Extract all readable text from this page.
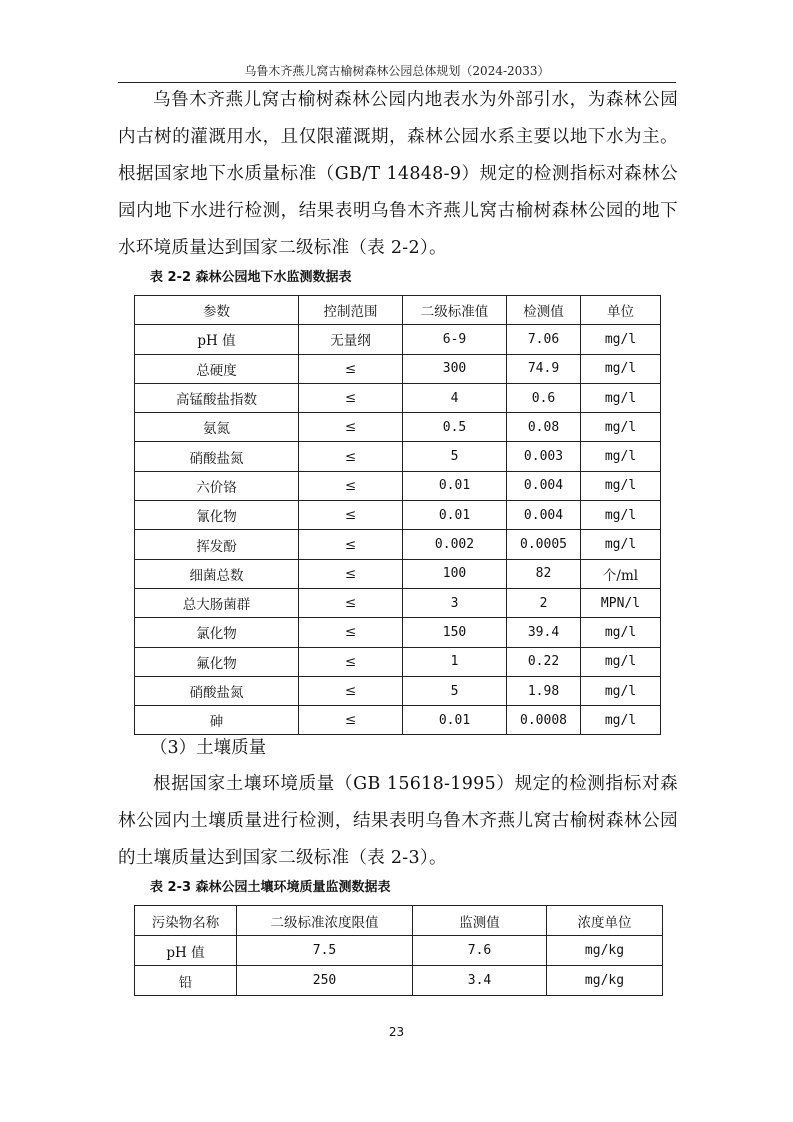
乌鲁木齐燕儿窝古榆树森林公园总体规划（2024-2033）
乌鲁木齐燕儿窝古榆树森林公园内地表水为外部引水，为森林公园内古树的灌溉用水，且仅限灌溉期，森林公园水系主要以地下水为主。根据国家地下水质量标准（GB/T 14848-9）规定的检测指标对森林公园内地下水进行检测，结果表明乌鲁木齐燕儿窝古榆树森林公园的地下水环境质量达到国家二级标准（表 2-2）。
表 2-2 森林公园地下水监测数据表
参数	控制范围	二级标准值	检测值	单位
pH 值	无量纲	6-9	7.06	mg/l
总硬度	≤	300	74.9	mg/l
高锰酸盐指数	≤	4	0.6	mg/l
氨氮	≤	0.5	0.08	mg/l
硝酸盐氮	≤	5	0.003	mg/l
六价铬	≤	0.01	0.004	mg/l
氰化物	≤	0.01	0.004	mg/l
挥发酚	≤	0.002	0.0005	mg/l
细菌总数	≤	100	82	个/ml
总大肠菌群	≤	3	2	MPN/l
氯化物	≤	150	39.4	mg/l
氟化物	≤	1	0.22	mg/l
硝酸盐氮	≤	5	1.98	mg/l
砷	≤	0.01	0.0008	mg/l
（3）土壤质量
根据国家土壤环境质量（GB 15618-1995）规定的检测指标对森林公园内土壤质量进行检测，结果表明乌鲁木齐燕儿窝古榆树森林公园的土壤质量达到国家二级标准（表 2-3）。
表 2-3 森林公园土壤环境质量监测数据表
污染物名称	二级标准浓度限值	监测值	浓度单位
pH 值	7.5	7.6	mg/kg
铅	250	3.4	mg/kg
23
